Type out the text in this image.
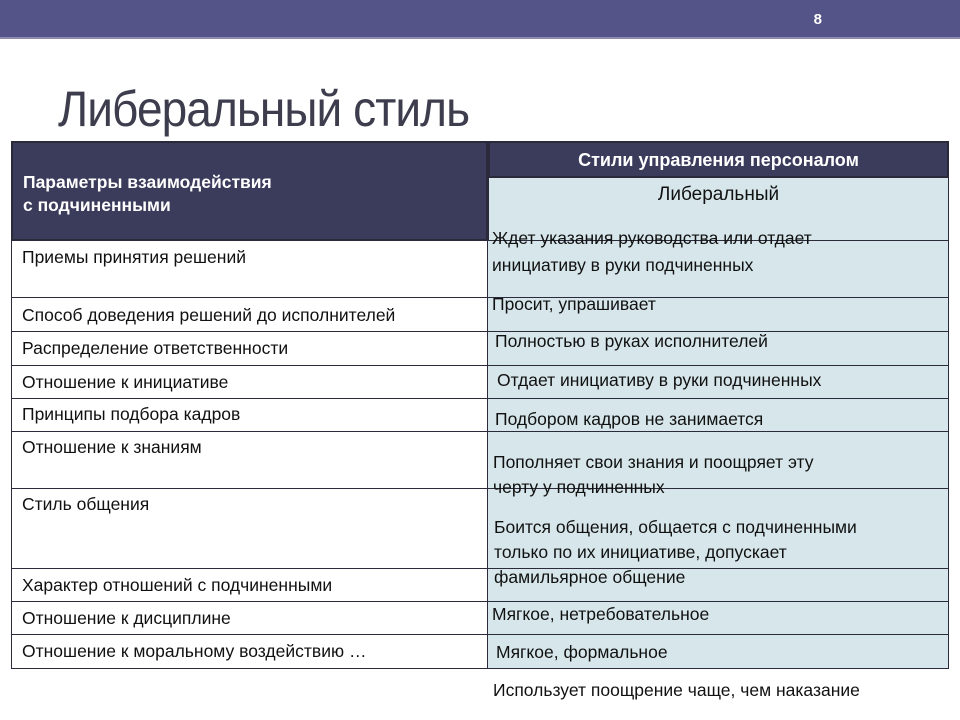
8
Либеральный стиль
Параметры взаимодействия
с подчиненными
Стили управления персоналом
Либеральный
Приемы принятия решений
Способ доведения решений до исполнителей
Распределение ответственности
Отношение к инициативе
Принципы подбора кадров
Отношение к знаниям
Стиль общения
Характер отношений с подчиненными
Отношение к дисциплине
Отношение к моральному воздействию …
Ждет указания руководства или отдает
инициативу в руки подчиненных
Просит, упрашивает
Полностью в руках исполнителей
Отдает инициативу в руки подчиненных
Подбором кадров не занимается
Пополняет свои знания и поощряет эту
черту у подчиненных
Боится общения, общается с подчиненными
только по их инициативе, допускает
фамильярное общение
Мягкое, нетребовательное
Мягкое, формальное
Использует поощрение чаще, чем наказание
